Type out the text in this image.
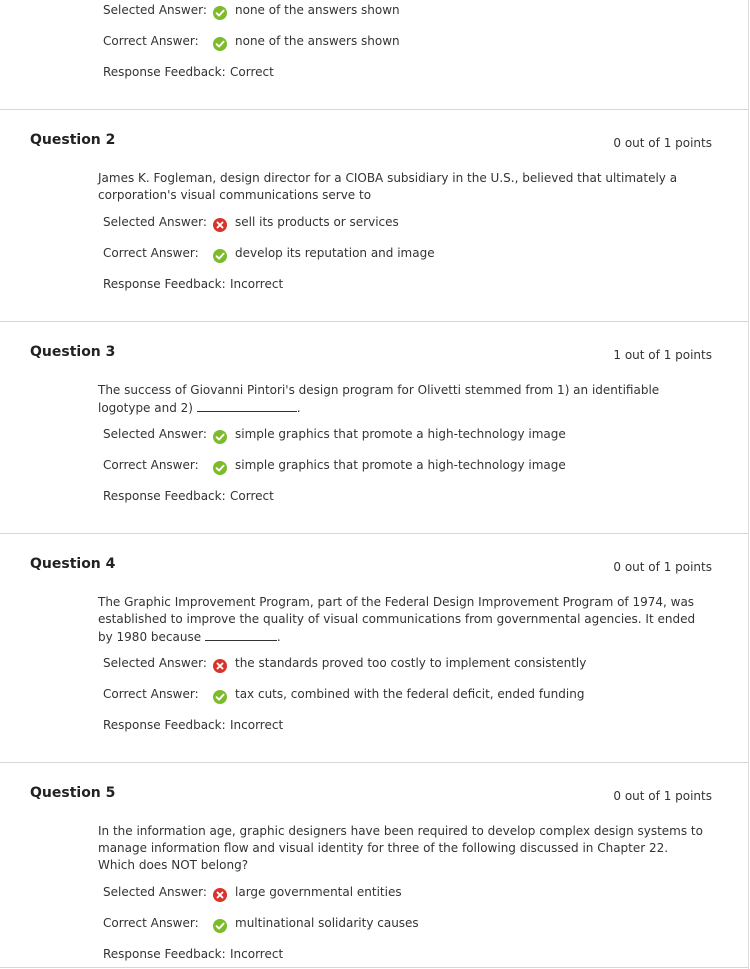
Selected Answer: none of the answers shown
Correct Answer:	none of the answers shown
Response Feedback: Correct
Question 2	0 out of 1 points
James K. Fogleman, design director for a CIOBA subsidiary in the U.S., believed that ultimately a corporation's visual communications serve to
Selected Answer: sell its products or services
Correct Answer:	develop its reputation and image
Response Feedback: Incorrect
Question 3	1 out of 1 points
The success of Giovanni Pintori's design program for Olivetti stemmed from 1) an identifiable logotype and 2)	.
Selected Answer: simple graphics that promote a high-technology image
Correct Answer:	simple graphics that promote a high-technology image
Response Feedback: Correct
Question 4	0 out of 1 points
The Graphic Improvement Program, part of the Federal Design Improvement Program of 1974, was established to improve the quality of visual communications from governmental agencies. It ended by 1980 because	.
Selected Answer: the standards proved too costly to implement consistently
Correct Answer:	tax cuts, combined with the federal deficit, ended funding
Response Feedback: Incorrect
Question 5	0 out of 1 points
In the information age, graphic designers have been required to develop complex design systems to manage information flow and visual identity for three of the following discussed in Chapter 22. Which does NOT belong?
Selected Answer: large governmental entities
Correct Answer:	multinational solidarity causes
Response Feedback: Incorrect
